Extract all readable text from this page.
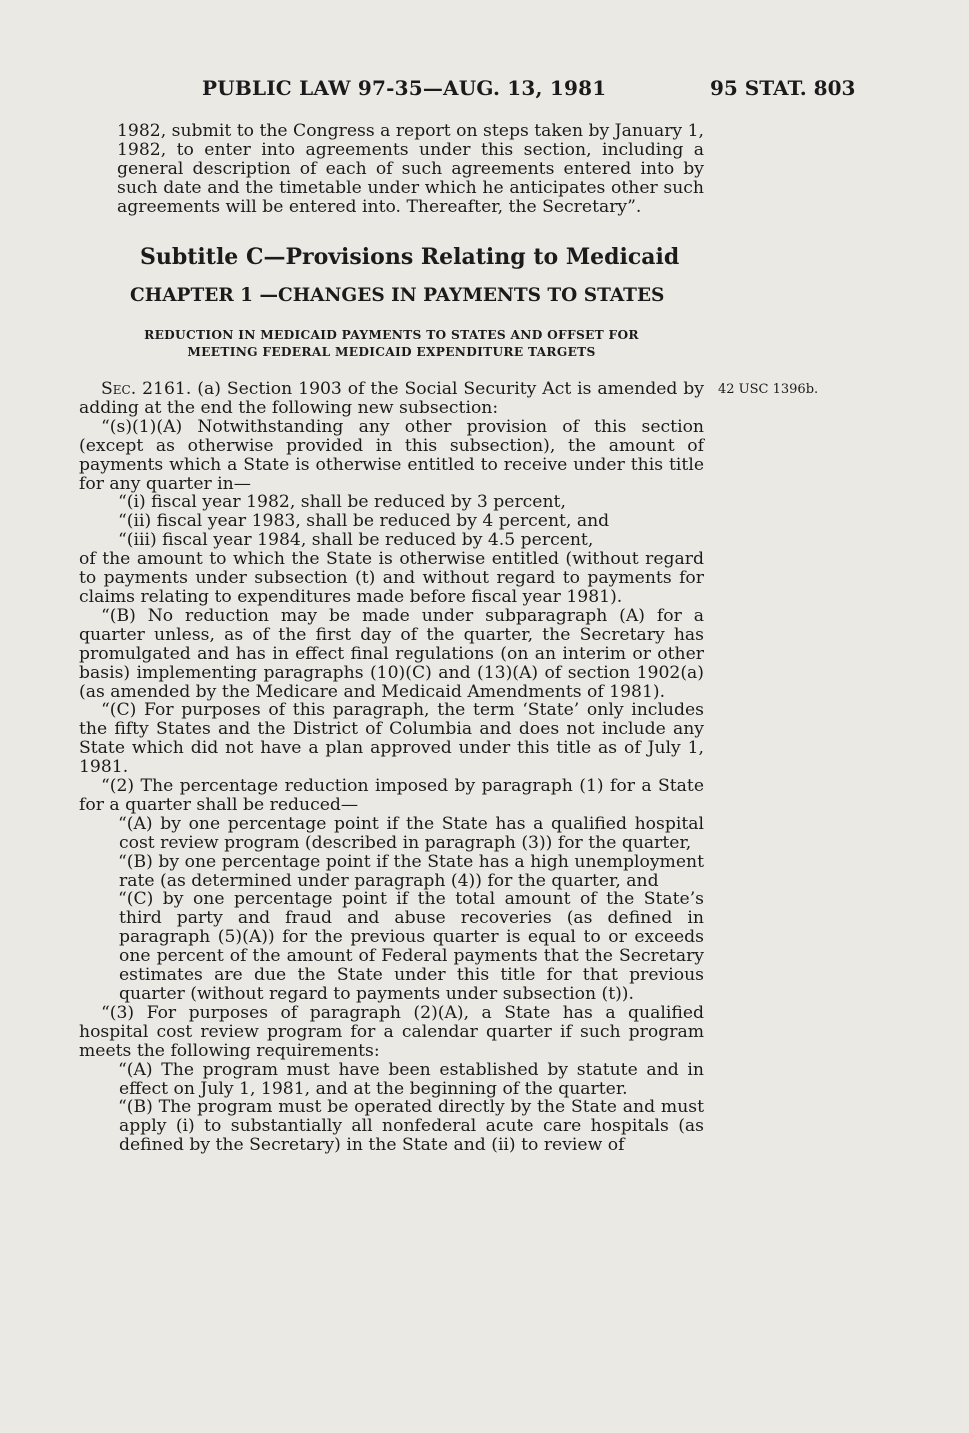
PUBLIC LAW 97-35—AUG. 13, 1981	95 STAT. 803

1982, submit to the Congress a report on steps taken by January 1, 1982, to enter into agreements under this section, including a general description of each of such agreements entered into by such date and the timetable under which he anticipates other such agreements will be entered into. Thereafter, the Secretary”.

Subtitle C—Provisions Relating to Medicaid
CHAPTER 1 —CHANGES IN PAYMENTS TO STATES
REDUCTION IN MEDICAID PAYMENTS TO STATES AND OFFSET FOR
MEETING FEDERAL MEDICAID EXPENDITURE TARGETS
42 USC 1396b.

Sec. 2161. (a) Section 1903 of the Social Security Act is amended by adding at the end the following new subsection:

“(s)(1)(A) Notwithstanding any other provision of this section (except as otherwise provided in this subsection), the amount of payments which a State is otherwise entitled to receive under this title for any quarter in—

“(i) fiscal year 1982, shall be reduced by 3 percent,

“(ii) fiscal year 1983, shall be reduced by 4 percent, and

“(iii) fiscal year 1984, shall be reduced by 4.5 percent,

of the amount to which the State is otherwise entitled (without regard to payments under subsection (t) and without regard to payments for claims relating to expenditures made before fiscal year 1981).

“(B) No reduction may be made under subparagraph (A) for a quarter unless, as of the first day of the quarter, the Secretary has promulgated and has in effect final regulations (on an interim or other basis) implementing paragraphs (10)(C) and (13)(A) of section 1902(a) (as amended by the Medicare and Medicaid Amendments of 1981).

“(C) For purposes of this paragraph, the term ‘State’ only includes the fifty States and the District of Columbia and does not include any State which did not have a plan approved under this title as of July 1, 1981.

“(2) The percentage reduction imposed by paragraph (1) for a State for a quarter shall be reduced—

“(A) by one percentage point if the State has a qualified hospital cost review program (described in paragraph (3)) for the quarter,

“(B) by one percentage point if the State has a high unemployment rate (as determined under paragraph (4)) for the quarter, and

“(C) by one percentage point if the total amount of the State’s third party and fraud and abuse recoveries (as defined in paragraph (5)(A)) for the previous quarter is equal to or exceeds one percent of the amount of Federal payments that the Secretary estimates are due the State under this title for that previous quarter (without regard to payments under subsection (t)).

“(3) For purposes of paragraph (2)(A), a State has a qualified hospital cost review program for a calendar quarter if such program meets the following requirements:

“(A) The program must have been established by statute and in effect on July 1, 1981, and at the beginning of the quarter.

“(B) The program must be operated directly by the State and must apply (i) to substantially all nonfederal acute care hospitals (as defined by the Secretary) in the State and (ii) to review of
